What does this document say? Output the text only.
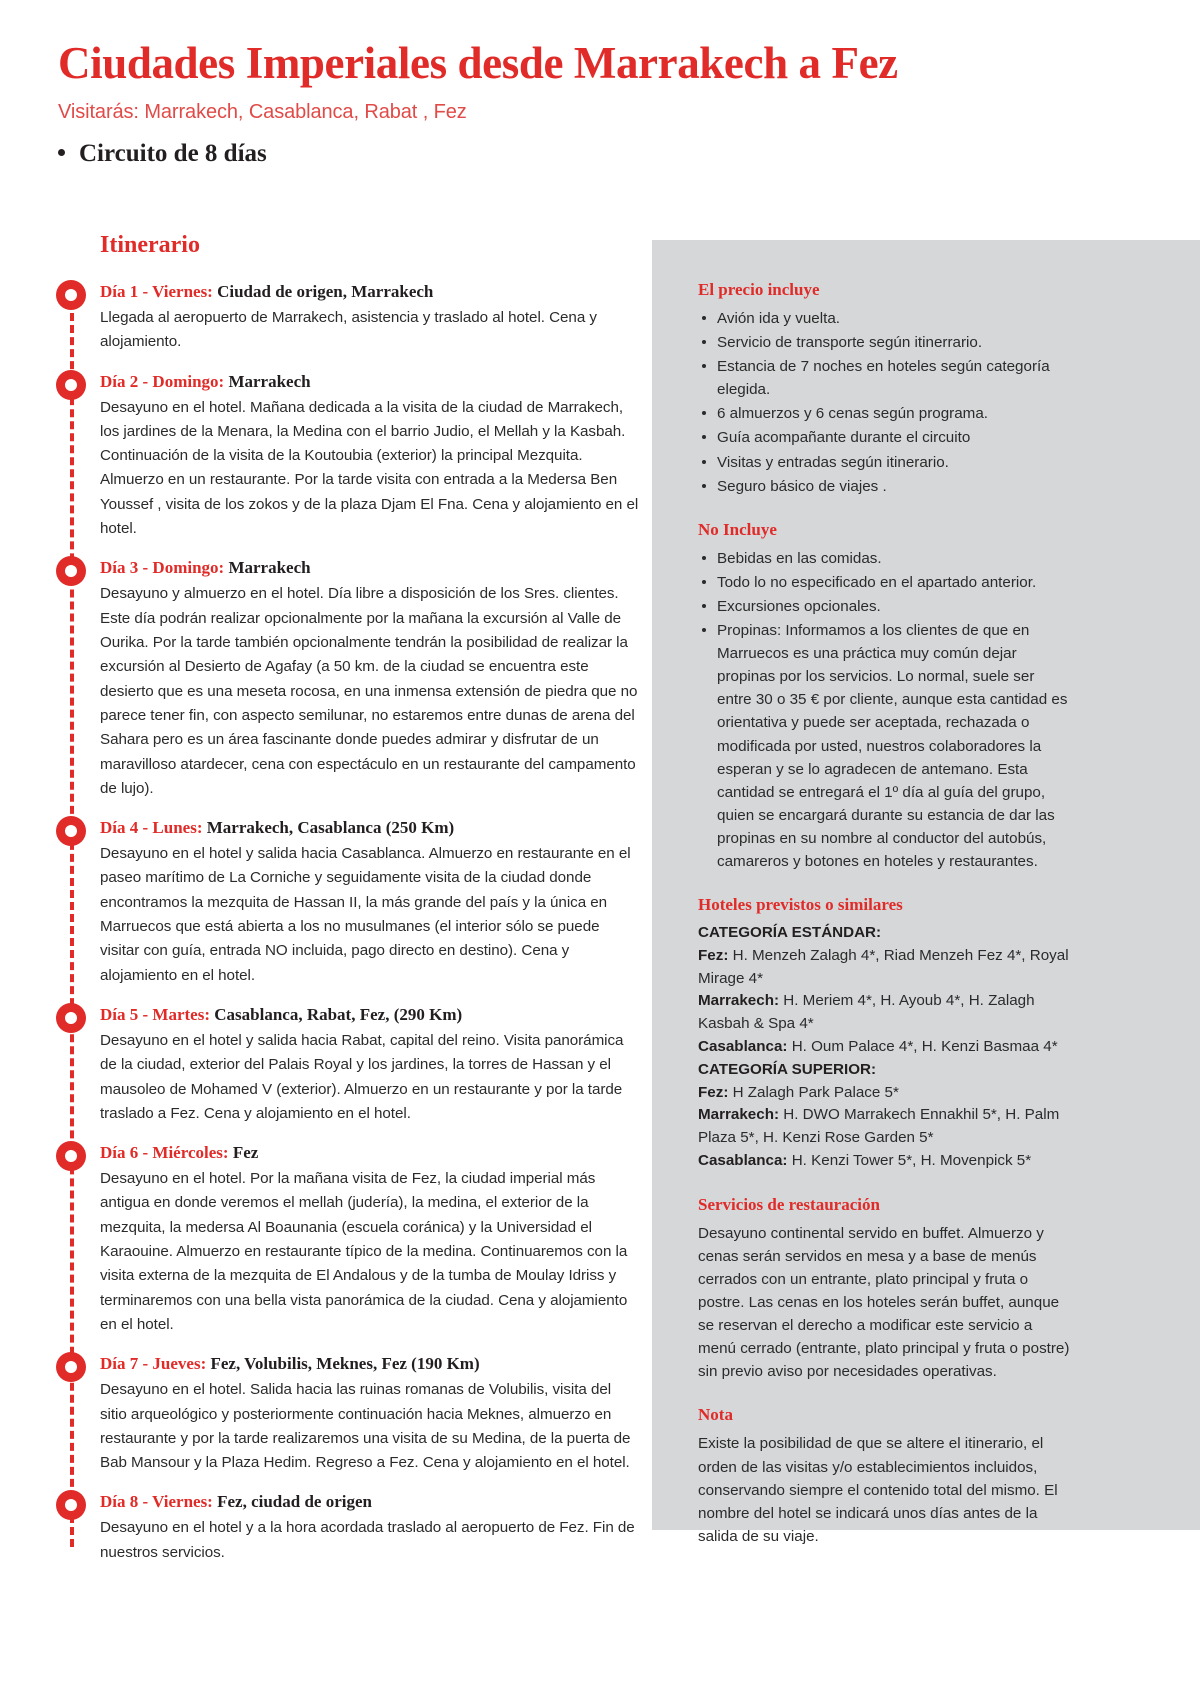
Ciudades Imperiales desde Marrakech a Fez
Visitarás: Marrakech, Casablanca, Rabat , Fez
Circuito de 8 días
Itinerario
Día 1 - Viernes: Ciudad de origen, Marrakech
Llegada al aeropuerto de Marrakech, asistencia y traslado al hotel. Cena y alojamiento.
Día 2 - Domingo: Marrakech
Desayuno en el hotel. Mañana dedicada a la visita de la ciudad de Marrakech, los jardines de la Menara, la Medina con el barrio Judio, el Mellah y la Kasbah. Continuación de la visita de la Koutoubia (exterior) la principal Mezquita. Almuerzo en un restaurante. Por la tarde visita con entrada a la Medersa Ben Youssef , visita de los zokos y de la plaza Djam El Fna. Cena y alojamiento en el hotel.
Día 3 - Domingo: Marrakech
Desayuno y almuerzo en el hotel. Día libre a disposición de los Sres. clientes. Este día podrán realizar opcionalmente por la mañana la excursión al Valle de Ourika. Por la tarde también opcionalmente tendrán la posibilidad de realizar la excursión al Desierto de Agafay (a 50 km. de la ciudad se encuentra este desierto que es una meseta rocosa, en una inmensa extensión de piedra que no parece tener fin, con aspecto semilunar, no estaremos entre dunas de arena del Sahara pero es un área fascinante donde puedes admirar y disfrutar de un maravilloso atardecer, cena con espectáculo en un restaurante del campamento de lujo).
Día 4 - Lunes: Marrakech, Casablanca (250 Km)
Desayuno en el hotel y salida hacia Casablanca. Almuerzo en restaurante en el paseo marítimo de La Corniche y seguidamente visita de la ciudad donde encontramos la mezquita de Hassan II, la más grande del país y la única en Marruecos que está abierta a los no musulmanes (el interior sólo se puede visitar con guía, entrada NO incluida, pago directo en destino). Cena y alojamiento en el hotel.
Día 5 - Martes: Casablanca, Rabat, Fez, (290 Km)
Desayuno en el hotel y salida hacia Rabat, capital del reino. Visita panorámica de la ciudad, exterior del Palais Royal y los jardines, la torres de Hassan y el mausoleo de Mohamed V (exterior). Almuerzo en un restaurante y por la tarde traslado a Fez. Cena y alojamiento en el hotel.
Día 6 - Miércoles: Fez
Desayuno en el hotel. Por la mañana visita de Fez, la ciudad imperial más antigua en donde veremos el mellah (judería), la medina, el exterior de la mezquita, la medersa Al Boaunania (escuela coránica) y la Universidad el Karaouine. Almuerzo en restaurante típico de la medina. Continuaremos con la visita externa de la mezquita de El Andalous y de la tumba de Moulay Idriss y terminaremos con una bella vista panorámica de la ciudad. Cena y alojamiento en el hotel.
Día 7 - Jueves: Fez, Volubilis, Meknes, Fez (190 Km)
Desayuno en el hotel. Salida hacia las ruinas romanas de Volubilis, visita del sitio arqueológico y posteriormente continuación hacia Meknes, almuerzo en restaurante y por la tarde realizaremos una visita de su Medina, de la puerta de Bab Mansour y la Plaza Hedim. Regreso a Fez. Cena y alojamiento en el hotel.
Día 8 - Viernes: Fez, ciudad de origen
Desayuno en el hotel y a la hora acordada traslado al aeropuerto de Fez. Fin de nuestros servicios.
El precio incluye
Avión ida y vuelta.
Servicio de transporte según itinerrario.
Estancia de 7 noches en hoteles según categoría elegida.
6 almuerzos y 6 cenas según programa.
Guía acompañante durante el circuito
Visitas y entradas según itinerario.
Seguro básico de viajes .
No Incluye
Bebidas en las comidas.
Todo lo no especificado en el apartado anterior.
Excursiones opcionales.
Propinas: Informamos a los clientes de que en Marruecos es una práctica muy común dejar propinas por los servicios. Lo normal, suele ser entre 30 o 35 € por cliente, aunque esta cantidad es orientativa y puede ser aceptada, rechazada o modificada por usted, nuestros colaboradores la esperan y se lo agradecen de antemano. Esta cantidad se entregará el 1º día al guía del grupo, quien se encargará durante su estancia de dar las propinas en su nombre al conductor del autobús, camareros y botones en hoteles y restaurantes.
Hoteles previstos o similares
CATEGORÍA ESTÁNDAR:
Fez: H. Menzeh Zalagh 4*, Riad Menzeh Fez 4*, Royal Mirage 4*
Marrakech: H. Meriem 4*, H. Ayoub 4*, H. Zalagh Kasbah & Spa 4*
Casablanca: H. Oum Palace 4*, H. Kenzi Basmaa 4*
CATEGORÍA SUPERIOR:
Fez: H Zalagh Park Palace 5*
Marrakech: H. DWO Marrakech Ennakhil 5*, H. Palm Plaza 5*, H. Kenzi Rose Garden 5*
Casablanca: H. Kenzi Tower 5*, H. Movenpick 5*
Servicios de restauración
Desayuno continental servido en buffet. Almuerzo y cenas serán servidos en mesa y a base de menús cerrados con un entrante, plato principal y fruta o postre. Las cenas en los hoteles serán buffet, aunque se reservan el derecho a modificar este servicio a menú cerrado (entrante, plato principal y fruta o postre) sin previo aviso por necesidades operativas.
Nota
Existe la posibilidad de que se altere el itinerario, el orden de las visitas y/o establecimientos incluidos, conservando siempre el contenido total del mismo. El nombre del hotel se indicará unos días antes de la salida de su viaje.
